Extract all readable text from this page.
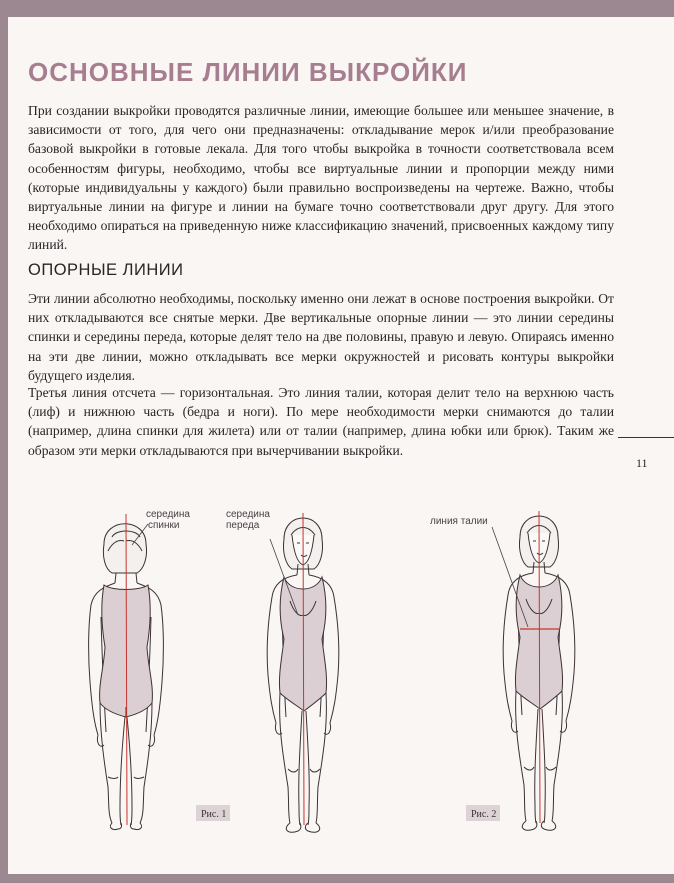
ОСНОВНЫЕ ЛИНИИ ВЫКРОЙКИ

При создании выкройки проводятся различные линии, имеющие большее или меньшее значение, в зависимости от того, для чего они предназначены: откладывание мерок и/или преобразование базовой выкройки в готовые лекала. Для того чтобы выкройка в точности соответствовала всем особенностям фигуры, необходимо, чтобы все виртуальные линии и пропорции между ними (которые индивидуальны у каждого) были правильно воспроизведены на чертеже. Важно, чтобы виртуальные линии на фигуре и линии на бумаге точно соответствовали друг другу. Для этого необходимо опираться на приведенную ниже классификацию значений, присвоенных каждому типу линий.

ОПОРНЫЕ ЛИНИИ

Эти линии абсолютно необходимы, поскольку именно они лежат в основе построения выкройки. От них откладываются все снятые мерки. Две вертикальные опорные линии — это линии середины спинки и середины переда, которые делят тело на две половины, правую и левую. Опираясь именно на эти две линии, можно откладывать все мерки окружностей и рисовать контуры выкройки будущего изделия.

Третья линия отсчета — горизонтальная. Это линия талии, которая делит тело на верхнюю часть (лиф) и нижнюю часть (бедра и ноги). По мере необходимости мерки снимаются до талии (например, длина спинки для жилета) или от талии (например, длина юбки или брюк). Таким же образом эти мерки откладываются при вычерчивании выкройки.

11
середина
спинки
середина
переда	линия талии
Рис. 1	Рис. 2
